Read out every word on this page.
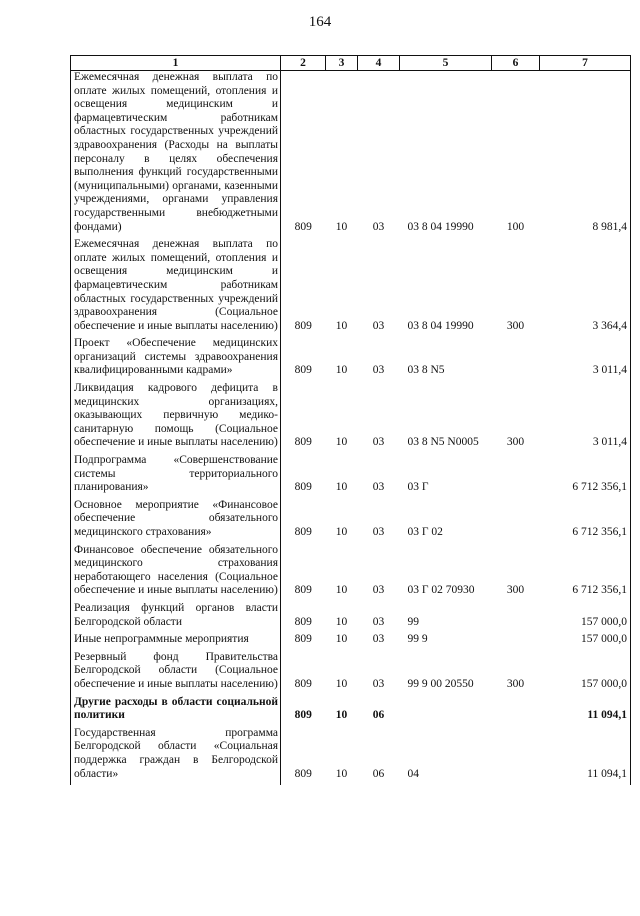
164
1	2	3	4	5	6	7
Ежемесячная денежная выплата по оплате жилых помещений, отопления и освещения медицинским и фармацевтическим работникам областных государственных учреждений здравоохранения (Расходы на выплаты персоналу в целях обеспечения выполнения функций государственными (муниципальными) органами, казенными учреждениями, органами управления государственными внебюджетными фондами)	809	10	03	03 8 04 19990	100	8 981,4
Ежемесячная денежная выплата по оплате жилых помещений, отопления и освещения медицинским и фармацевтическим работникам областных государственных учреждений здравоохранения (Социальное обеспечение и иные выплаты населению)	809	10	03	03 8 04 19990	300	3 364,4
Проект «Обеспечение медицинских организаций системы здравоохранения квалифицированными кадрами»	809	10	03	03 8 N5		3 011,4
Ликвидация кадрового дефицита в медицинских организациях, оказывающих первичную медико-санитарную помощь (Социальное обеспечение и иные выплаты населению)	809	10	03	03 8 N5 N0005	300	3 011,4
Подпрограмма «Совершенствование системы территориального планирования»	809	10	03	03 Г		6 712 356,1
Основное мероприятие «Финансовое обеспечение обязательного медицинского страхования»	809	10	03	03 Г 02		6 712 356,1
Финансовое обеспечение обязательного медицинского страхования неработающего населения (Социальное обеспечение и иные выплаты населению)	809	10	03	03 Г 02 70930	300	6 712 356,1
Реализация функций органов власти Белгородской области	809	10	03	99		157 000,0
Иные непрограммные мероприятия	809	10	03	99 9		157 000,0
Резервный фонд Правительства Белгородской области (Социальное обеспечение и иные выплаты населению)	809	10	03	99 9 00 20550	300	157 000,0
Другие расходы в области социальной политики	809	10	06			11 094,1
Государственная программа Белгородской области «Социальная поддержка граждан в Белгородской области»	809	10	06	04		11 094,1
